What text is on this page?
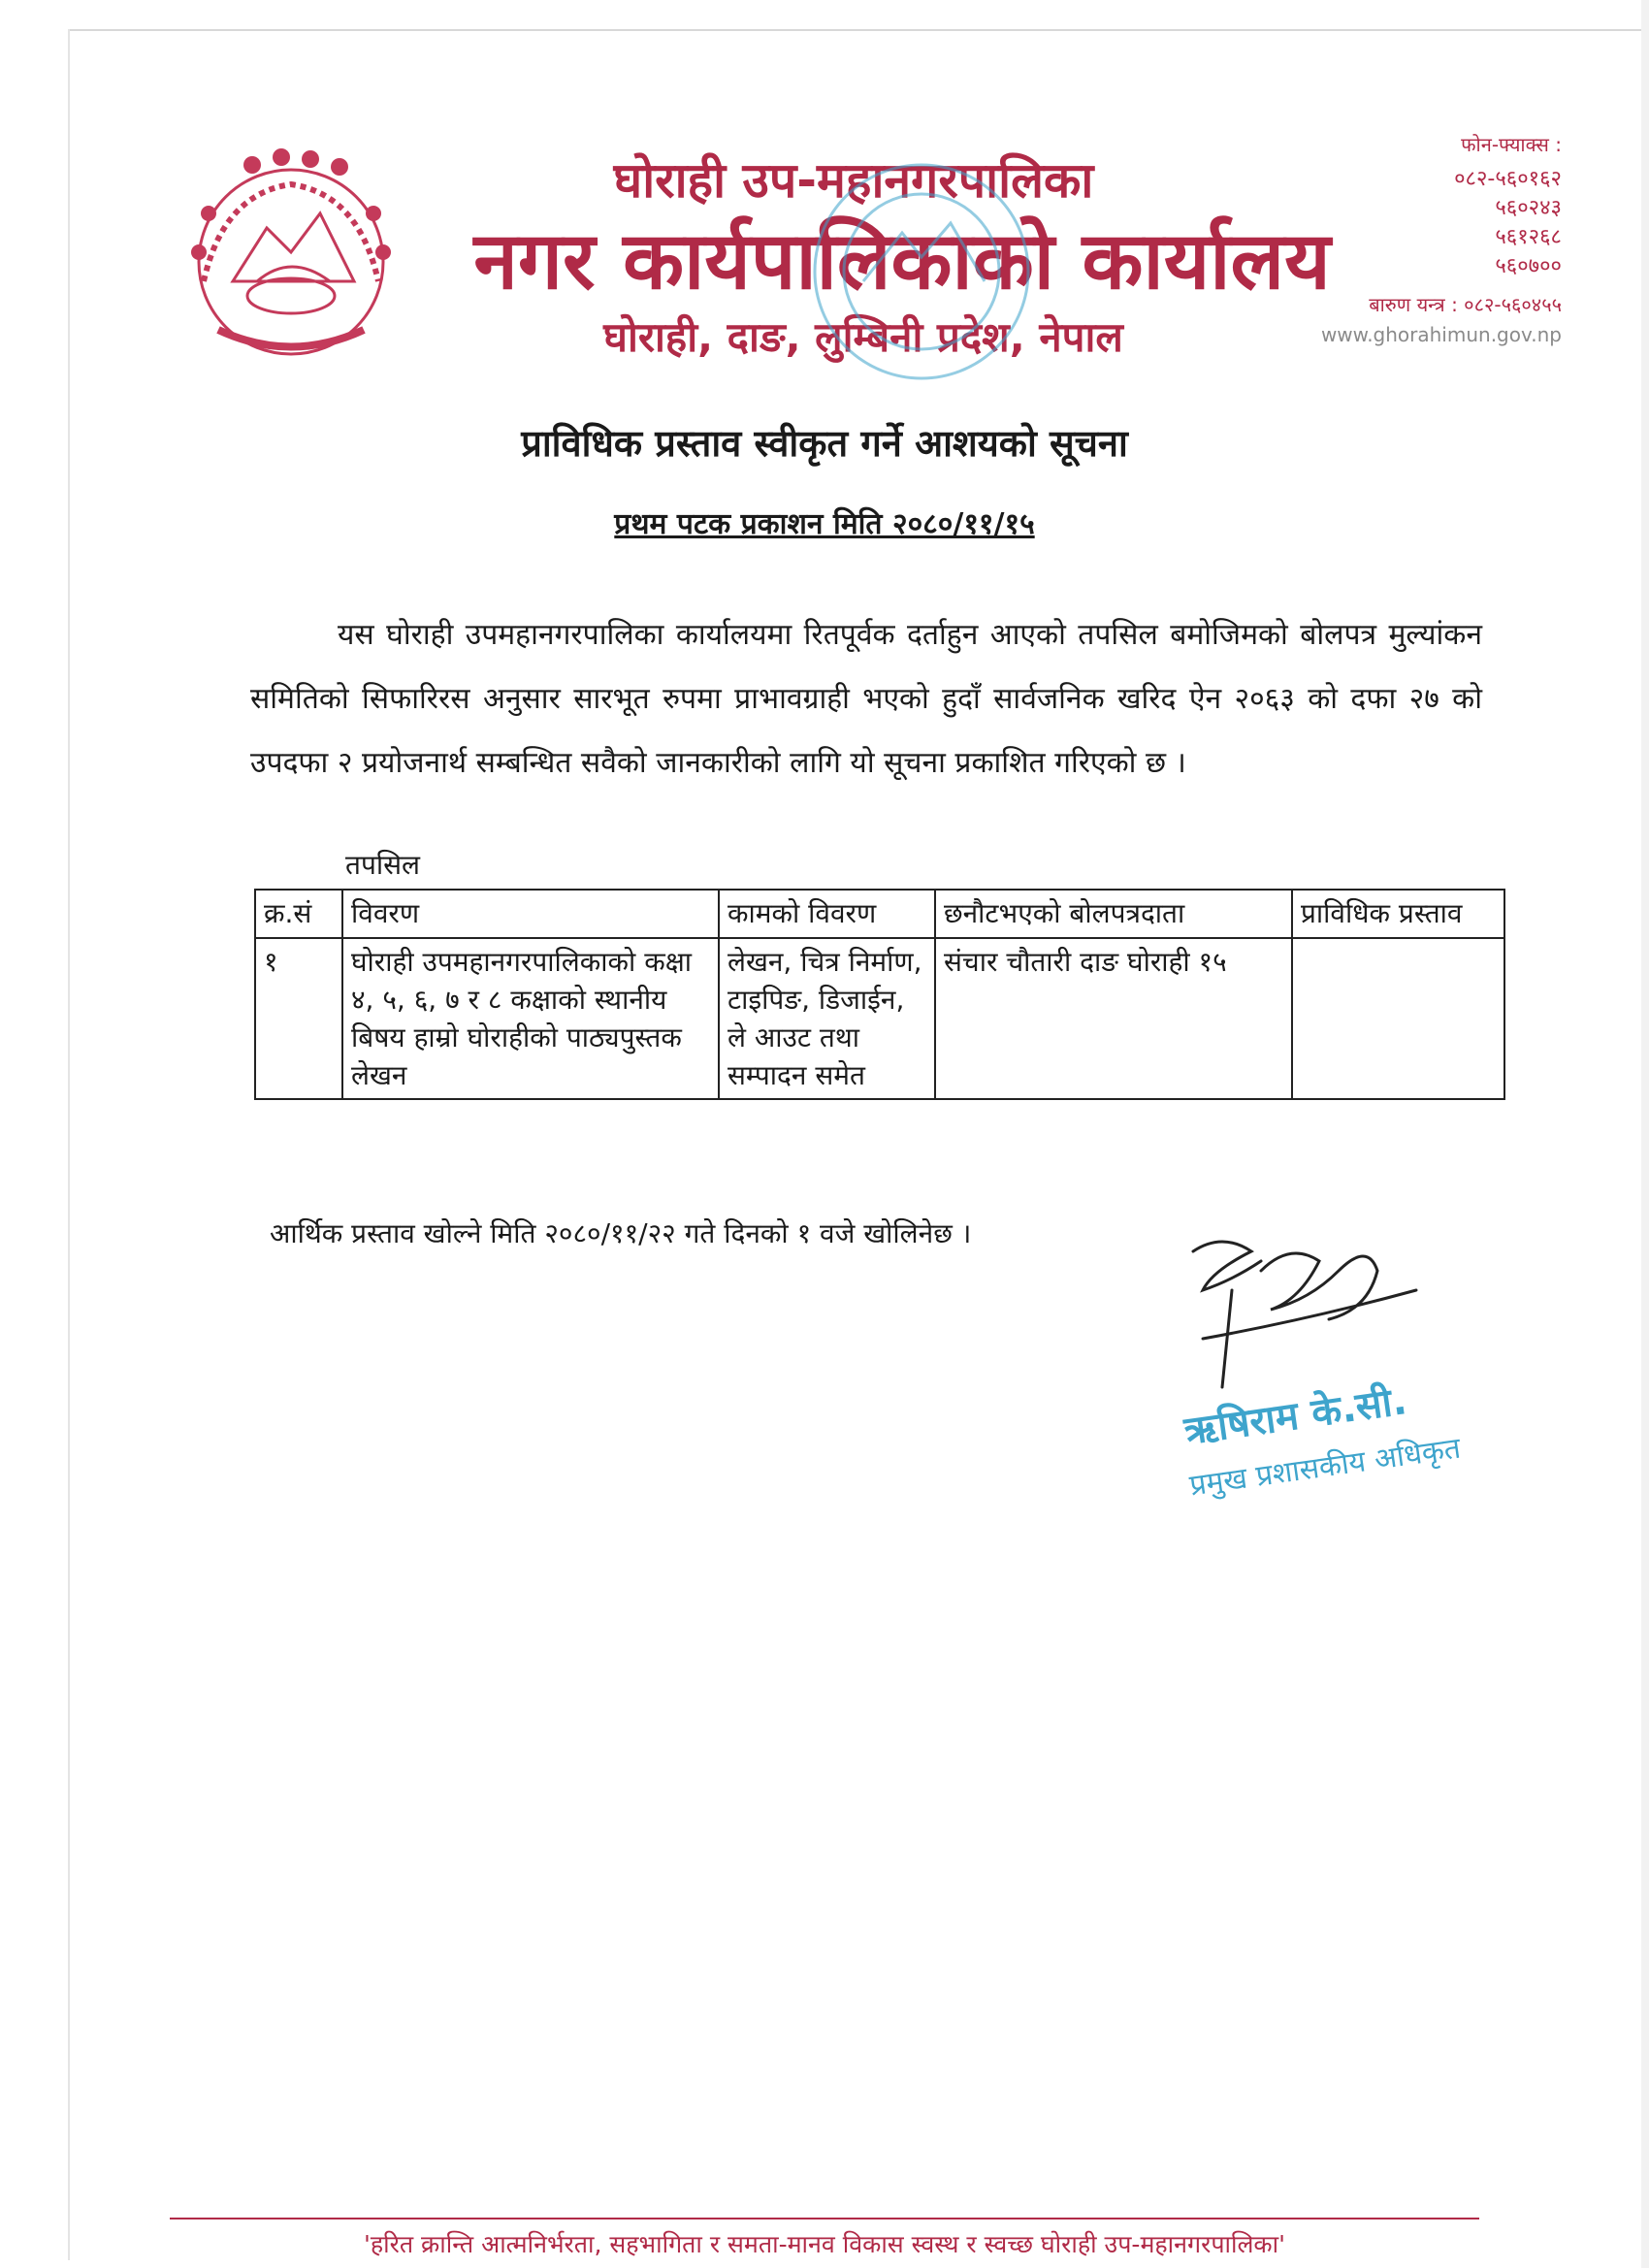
घोराही उप-महानगरपालिका
नगर कार्यपालिकाको कार्यालय
घोराही, दाङ, लुम्बिनी प्रदेश, नेपाल
फोन-फ्याक्स :
०८२-५६०१६२
५६०२४३
५६१२६८
५६०७००
बारुण यन्त्र : ०८२-५६०४५५
www.ghorahimun.gov.np
प्राविधिक प्रस्ताव स्वीकृत गर्ने आशयको सूचना
प्रथम पटक प्रकाशन मिति २०८०/११/१५

यस घोराही उपमहानगरपालिका कार्यालयमा रितपूर्वक दर्ताहुन आएको तपसिल बमोजिमको बोलपत्र मुल्यांकन समितिको सिफारिरस अनुसार सारभूत रुपमा प्राभावग्राही भएको हुदाँ सार्वजनिक खरिद ऐन २०६३ को दफा २७ को उपदफा २ प्रयोजनार्थ सम्बन्धित सवैको जानकारीको लागि यो सूचना प्रकाशित गरिएको छ ।

तपसिल
क्र.सं	विवरण	कामको विवरण	छनौटभएको बोलपत्रदाता	प्राविधिक प्रस्ताव
१	घोराही उपमहानगरपालिकाको कक्षा ४, ५, ६, ७ र ८ कक्षाको स्थानीय बिषय हाम्रो घोराहीको पाठ्यपुस्तक लेखन	लेखन, चित्र निर्माण, टाइपिङ, डिजाईन, ले आउट तथा सम्पादन समेत	संचार चौतारी दाङ घोराही १५	
आर्थिक प्रस्ताव खोल्ने मिति २०८०/११/२२ गते दिनको १ वजे खोलिनेछ ।
ऋषिराम के.सी.
प्रमुख प्रशासकीय अधिकृत
'हरित क्रान्ति आत्मनिर्भरता, सहभागिता र समता-मानव विकास स्वस्थ र स्वच्छ घोराही उप-महानगरपालिका'
